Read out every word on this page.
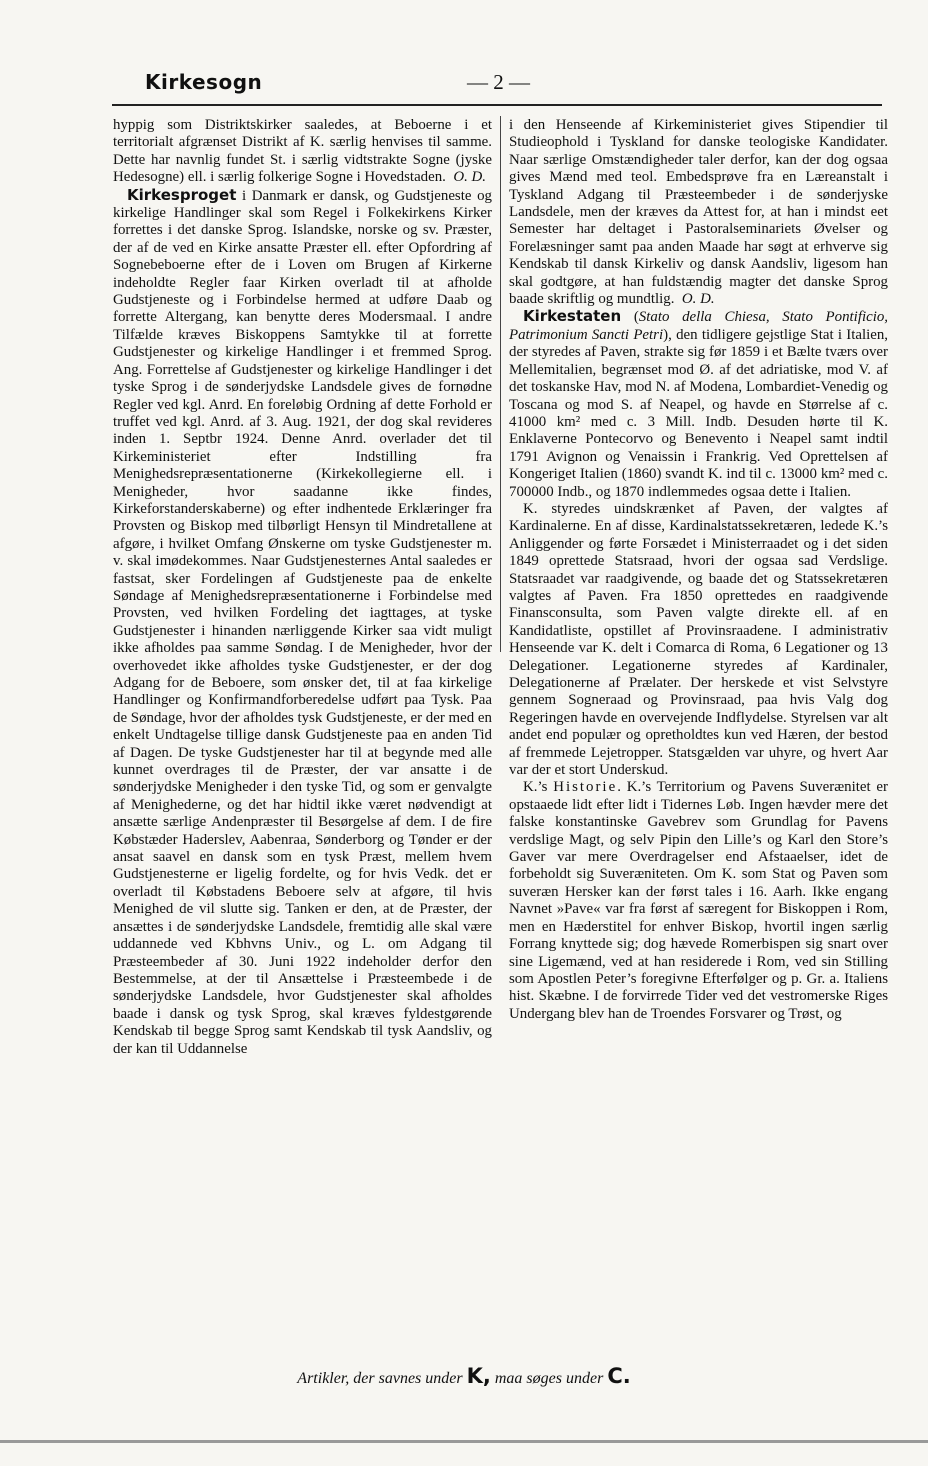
Kirkesogn	— 2 —

hyppig som Distriktskirker saaledes, at Beboerne i et territorialt afgrænset Distrikt af K. særlig henvises til samme. Dette har navnlig fundet St. i særlig vidtstrakte Sogne (jyske Hedesogne) ell. i særlig folkerige Sogne i Hovedstaden. O. D.

Kirkesproget i Danmark er dansk, og Gudstjeneste og kirkelige Handlinger skal som Regel i Folkekirkens Kirker forrettes i det danske Sprog. Islandske, norske og sv. Præster, der af de ved en Kirke ansatte Præster ell. efter Opfordring af Sognebeboerne efter de i Loven om Brugen af Kirkerne indeholdte Regler faar Kirken overladt til at afholde Gudstjeneste og i Forbindelse hermed at udføre Daab og forrette Altergang, kan benytte deres Modersmaal. I andre Tilfælde kræves Biskoppens Samtykke til at forrette Gudstjenester og kirkelige Handlinger i et fremmed Sprog. Ang. Forrettelse af Gudstjenester og kirkelige Handlinger i det tyske Sprog i de sønderjydske Landsdele gives de fornødne Regler ved kgl. Anrd. En foreløbig Ordning af dette Forhold er truffet ved kgl. Anrd. af 3. Aug. 1921, der dog skal revideres inden 1. Septbr 1924. Denne Anrd. overlader det til Kirkeministeriet efter Indstilling fra Menighedsrepræsentationerne (Kirkekollegierne ell. i Menigheder, hvor saadanne ikke findes, Kirkeforstanderskaberne) og efter indhentede Erklæringer fra Provsten og Biskop med tilbørligt Hensyn til Mindretallene at afgøre, i hvilket Omfang Ønskerne om tyske Gudstjenester m. v. skal imødekommes. Naar Gudstjenesternes Antal saaledes er fastsat, sker Fordelingen af Gudstjeneste paa de enkelte Søndage af Menighedsrepræsentationerne i Forbindelse med Provsten, ved hvilken Fordeling det iagttages, at tyske Gudstjenester i hinanden nærliggende Kirker saa vidt muligt ikke afholdes paa samme Søndag. I de Menigheder, hvor der overhovedet ikke afholdes tyske Gudstjenester, er der dog Adgang for de Beboere, som ønsker det, til at faa kirkelige Handlinger og Konfirmandforberedelse udført paa Tysk. Paa de Søndage, hvor der afholdes tysk Gudstjeneste, er der med en enkelt Undtagelse tillige dansk Gudstjeneste paa en anden Tid af Dagen. De tyske Gudstjenester har til at begynde med alle kunnet overdrages til de Præster, der var ansatte i de sønderjydske Menigheder i den tyske Tid, og som er genvalgte af Menighederne, og det har hidtil ikke været nødvendigt at ansætte særlige Andenpræster til Besørgelse af dem. I de fire Købstæder Haderslev, Aabenraa, Sønderborg og Tønder er der ansat saavel en dansk som en tysk Præst, mellem hvem Gudstjenesterne er ligelig fordelte, og for hvis Vedk. det er overladt til Købstadens Beboere selv at afgøre, til hvis Menighed de vil slutte sig. Tanken er den, at de Præster, der ansættes i de sønderjydske Landsdele, fremtidig alle skal være uddannede ved Kbhvns Univ., og L. om Adgang til Præsteembeder af 30. Juni 1922 indeholder derfor den Bestemmelse, at der til Ansættelse i Præsteembede i de sønderjydske Landsdele, hvor Gudstjenester skal afholdes baade i dansk og tysk Sprog, skal kræves fyldestgørende Kendskab til begge Sprog samt Kendskab til tysk Aandsliv, og der kan til Uddannelse

i den Henseende af Kirkeministeriet gives Stipendier til Studieophold i Tyskland for danske teologiske Kandidater. Naar særlige Omstændigheder taler derfor, kan der dog ogsaa gives Mænd med teol. Embedsprøve fra en Læreanstalt i Tyskland Adgang til Præsteembeder i de sønderjyske Landsdele, men der kræves da Attest for, at han i mindst eet Semester har deltaget i Pastoralseminariets Øvelser og Forelæsninger samt paa anden Maade har søgt at erhverve sig Kendskab til dansk Kirkeliv og dansk Aandsliv, ligesom han skal godtgøre, at han fuldstændig magter det danske Sprog baade skriftlig og mundtlig. O. D.

Kirkestaten (Stato della Chiesa, Stato Pontificio, Patrimonium Sancti Petri), den tidligere gejstlige Stat i Italien, der styredes af Paven, strakte sig før 1859 i et Bælte tværs over Mellemitalien, begrænset mod Ø. af det adriatiske, mod V. af det toskanske Hav, mod N. af Modena, Lombardiet-Venedig og Toscana og mod S. af Neapel, og havde en Størrelse af c. 41000 km² med c. 3 Mill. Indb. Desuden hørte til K. Enklaverne Pontecorvo og Benevento i Neapel samt indtil 1791 Avignon og Venaissin i Frankrig. Ved Oprettelsen af Kongeriget Italien (1860) svandt K. ind til c. 13000 km² med c. 700000 Indb., og 1870 indlemmedes ogsaa dette i Italien.

K. styredes uindskrænket af Paven, der valgtes af Kardinalerne. En af disse, Kardinalstatssekretæren, ledede K.’s Anliggender og førte Forsædet i Ministerraadet og i det siden 1849 oprettede Statsraad, hvori der ogsaa sad Verdslige. Statsraadet var raadgivende, og baade det og Statssekretæren valgtes af Paven. Fra 1850 oprettedes en raadgivende Finansconsulta, som Paven valgte direkte ell. af en Kandidatliste, opstillet af Provinsraadene. I administrativ Henseende var K. delt i Comarca di Roma, 6 Legationer og 13 Delegationer. Legationerne styredes af Kardinaler, Delegationerne af Prælater. Der herskede et vist Selvstyre gennem Sogneraad og Provinsraad, paa hvis Valg dog Regeringen havde en overvejende Indflydelse. Styrelsen var alt andet end populær og opretholdtes kun ved Hæren, der bestod af fremmede Lejetropper. Statsgælden var uhyre, og hvert Aar var der et stort Underskud.

K.’s Historie. K.’s Territorium og Pavens Suverænitet er opstaaede lidt efter lidt i Tidernes Løb. Ingen hævder mere det falske konstantinske Gavebrev som Grundlag for Pavens verdslige Magt, og selv Pipin den Lille’s og Karl den Store’s Gaver var mere Overdragelser end Afstaaelser, idet de forbeholdt sig Suveræniteten. Om K. som Stat og Paven som suveræn Hersker kan der først tales i 16. Aarh. Ikke engang Navnet »Pave« var fra først af særegent for Biskoppen i Rom, men en Hæderstitel for enhver Biskop, hvortil ingen særlig Forrang knyttede sig; dog hævede Romerbispen sig snart over sine Ligemænd, ved at han residerede i Rom, ved sin Stilling som Apostlen Peter’s foregivne Efterfølger og p. Gr. a. Italiens hist. Skæbne. I de forvirrede Tider ved det vestromerske Riges Undergang blev han de Troendes Forsvarer og Trøst, og

Artikler, der savnes under K, maa søges under C.
